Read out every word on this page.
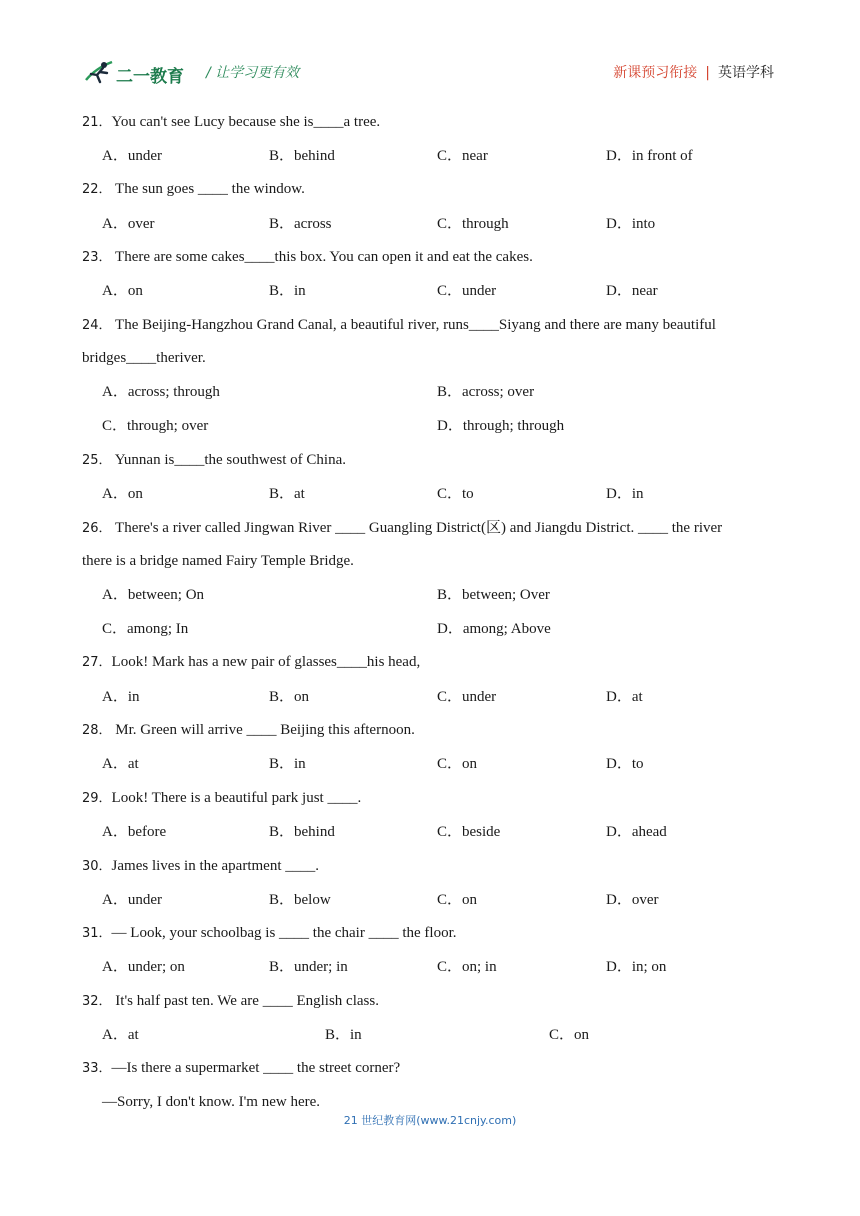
二一教育 / 让学习更有效	新课预习衔接 | 英语学科
21．You can't see Lucy because she is____a tree.
A．under	B．behind	C．near	D．in front of
22． The sun goes ____ the window.
A．over	B．across	C．through	D．into
23． There are some cakes____this box. You can open it and eat the cakes.
A．on	B．in	C．under	D．near
24． The Beijing-Hangzhou Grand Canal, a beautiful river, runs____Siyang and there are many beautiful
bridges____theriver.
A．across; through	B．across; over
C．through; over	D．through; through
25． Yunnan is____the southwest of China.
A．on	B．at	C．to	D．in
26． There's a river called Jingwan River ____ Guangling District(区) and Jiangdu District. ____ the river
there is a bridge named Fairy Temple Bridge.
A．between; On	B．between; Over
C．among; In	D．among; Above
27．Look! Mark has a new pair of glasses____his head,
A．in	B．on	C．under	D．at
28． Mr. Green will arrive ____ Beijing this afternoon.
A．at	B．in	C．on	D．to
29．Look! There is a beautiful park just ____.
A．before	B．behind	C．beside	D．ahead
30．James lives in the apartment ____.
A．under	B．below	C．on	D．over
31．— Look, your schoolbag is ____ the chair ____ the floor.
A．under; on	B．under; in	C．on; in	D．in; on
32． It's half past ten. We are ____ English class.
A．at	B．in	C．on
33．—Is there a supermarket ____ the street corner?
—Sorry, I don't know. I'm new here.
21 世纪教育网(www.21cnjy.com)
